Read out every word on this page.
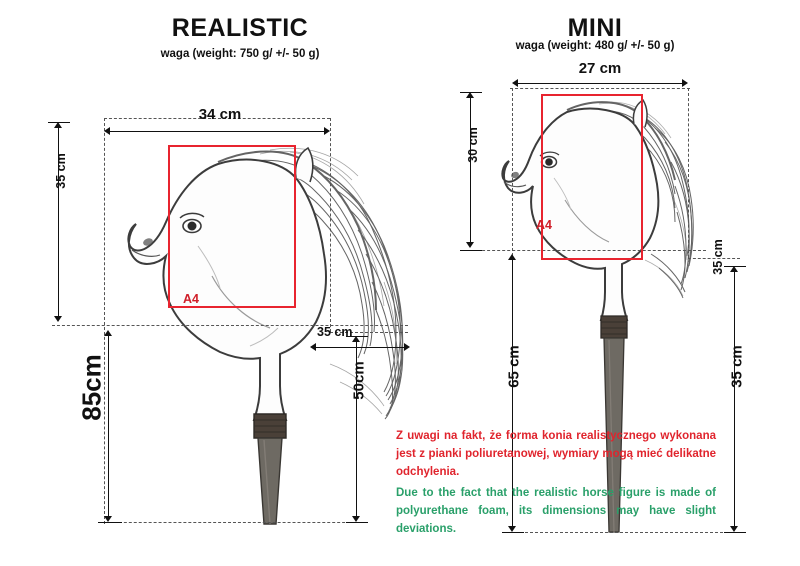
REALISTIC
waga (weight: 750 g/ +/- 50 g)
34 cm
35 cm
A4
35 cm
85cm	50cm
MINI
waga (weight: 480 g/ +/- 50 g)
27 cm
30 cm
A4
35 cm
65 cm	35 cm
Z uwagi na fakt, że forma konia realistycznego wykonana jest z pianki poliuretanowej, wymiary mogą mieć delikatne odchylenia.
Due to the fact that the realistic horse figure is made of polyurethane foam, its dimensions may have slight deviations.
